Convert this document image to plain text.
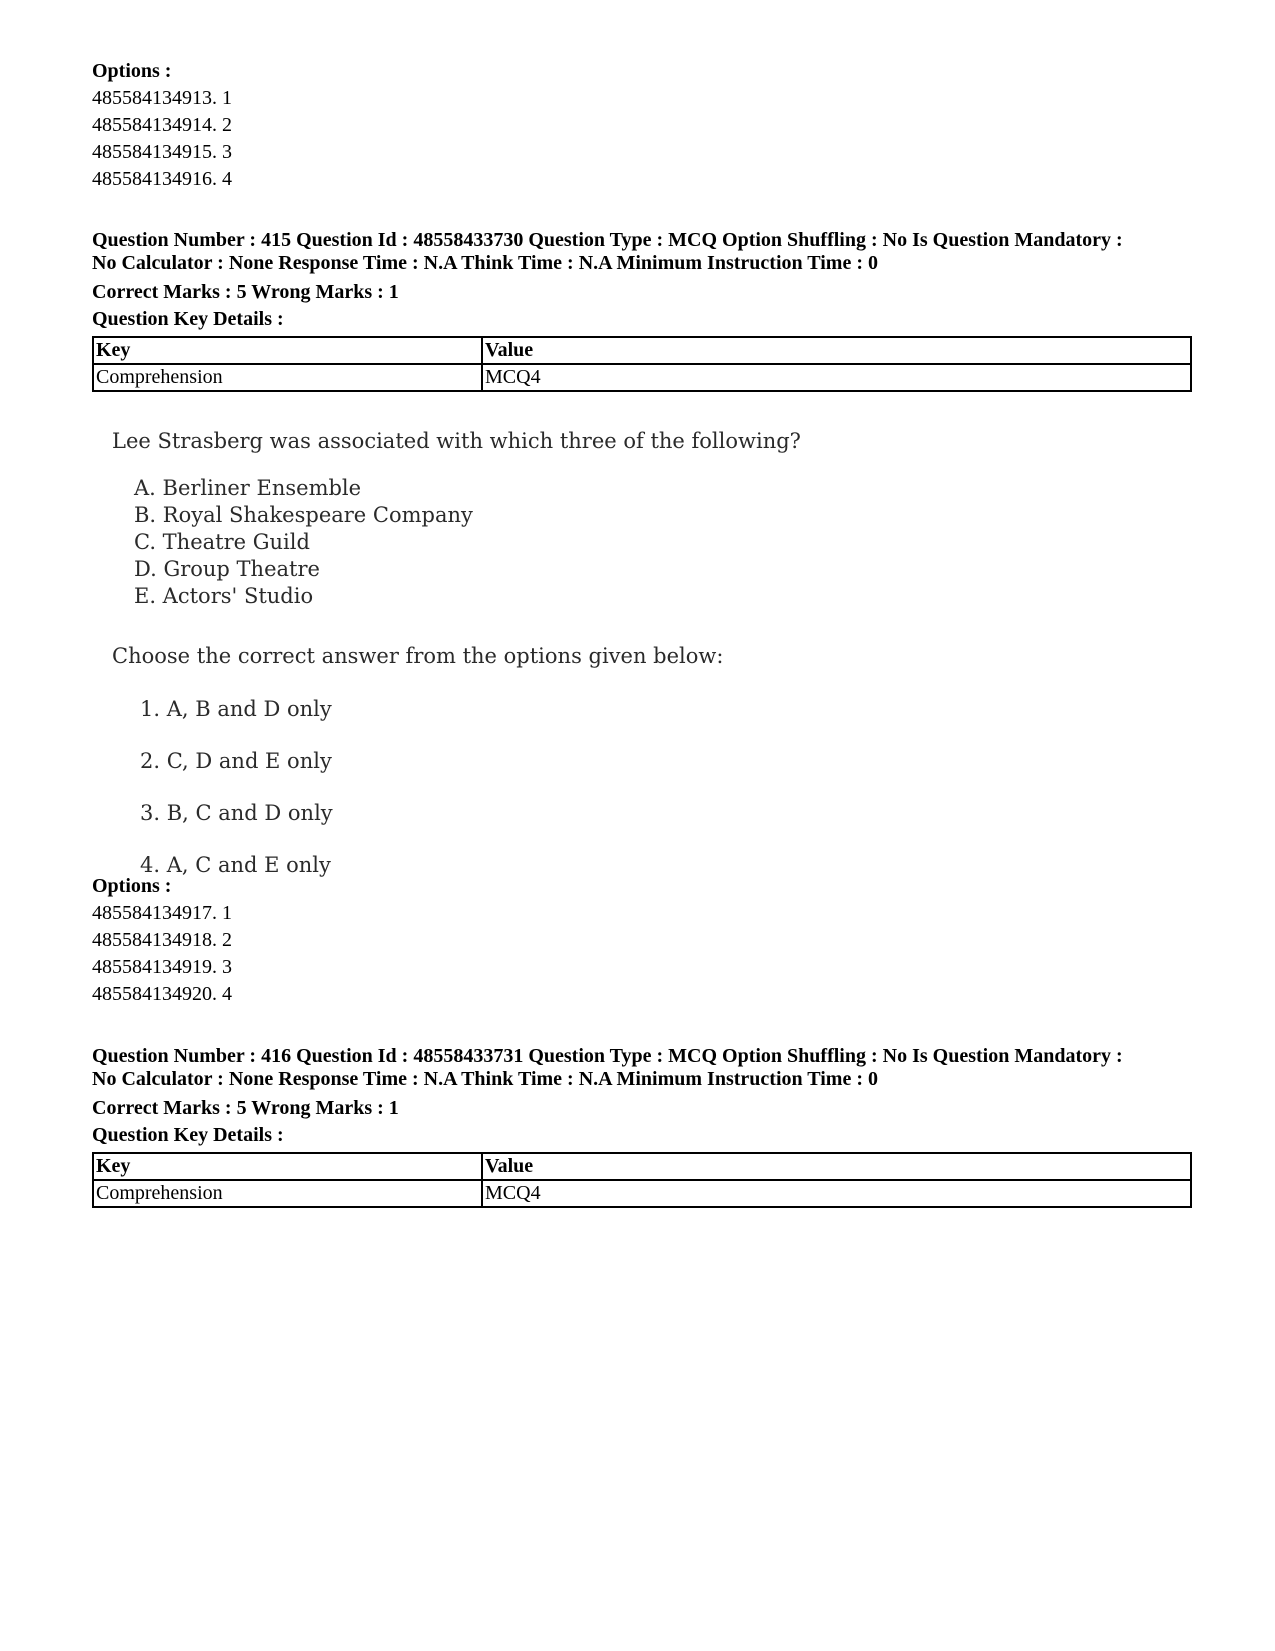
Options :
485584134913. 1
485584134914. 2
485584134915. 3
485584134916. 4
Question Number : 415 Question Id : 48558433730 Question Type : MCQ Option Shuffling : No Is Question Mandatory :
No Calculator : None Response Time : N.A Think Time : N.A Minimum Instruction Time : 0
Correct Marks : 5 Wrong Marks : 1
Question Key Details :
Key	Value
Comprehension	MCQ4
Lee Strasberg was associated with which three of the following?
A. Berliner Ensemble
B. Royal Shakespeare Company
C. Theatre Guild
D. Group Theatre
E. Actors' Studio
Choose the correct answer from the options given below:
1. A, B and D only
2. C, D and E only
3. B, C and D only
4. A, C and E only
Options :
485584134917. 1
485584134918. 2
485584134919. 3
485584134920. 4
Question Number : 416 Question Id : 48558433731 Question Type : MCQ Option Shuffling : No Is Question Mandatory :
No Calculator : None Response Time : N.A Think Time : N.A Minimum Instruction Time : 0
Correct Marks : 5 Wrong Marks : 1
Question Key Details :
Key	Value
Comprehension	MCQ4
